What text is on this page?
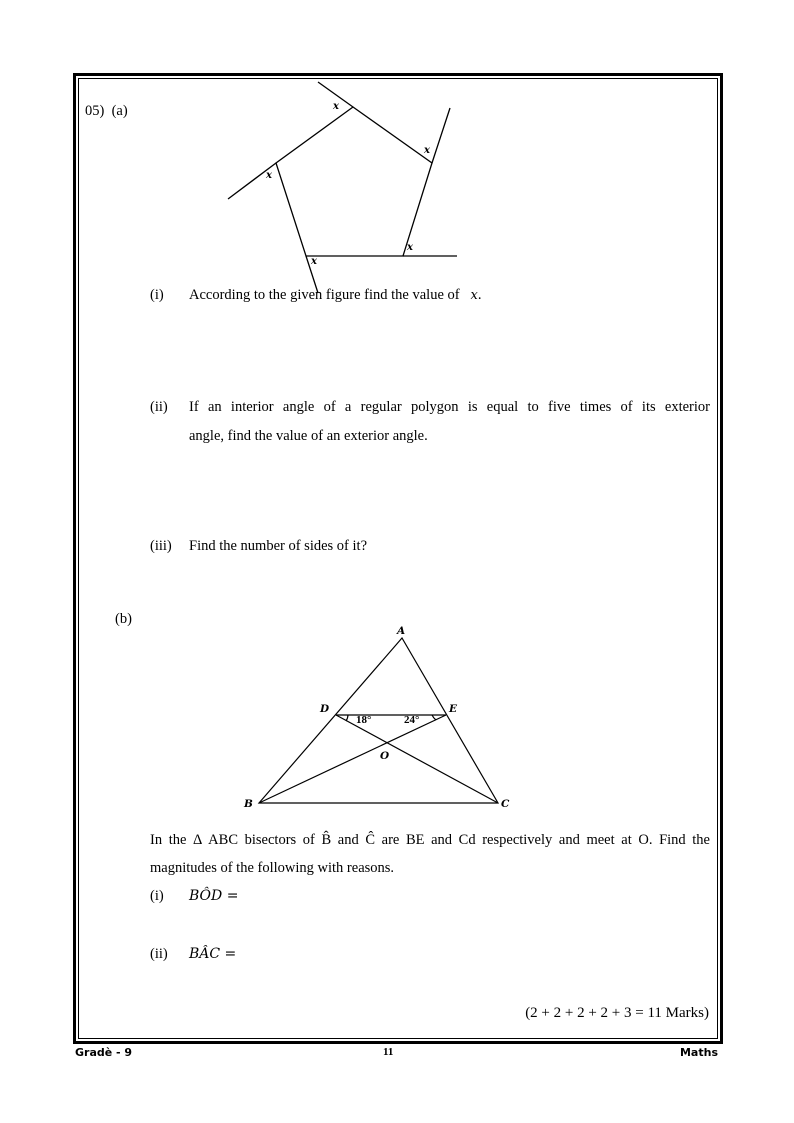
05) (a)	x
x
x
x
x
A
D	E
O
B	C
18°	24°
(i) According to the given figure find the value of x.
(ii) If an interior angle of a regular polygon is equal to five times of its exterior
angle, find the value of an exterior angle.
(iii) Find the number of sides of it?
(b)
In the Δ ABC bisectors of B̂ and Ĉ are BE and Cd respectively and meet at O. Find the
magnitudes of the following with reasons.
(i) BÔD =
(ii) BÂC =
(2 + 2 + 2 + 2 + 3 = 11 Marks)
Gradè - 9	11	Maths
